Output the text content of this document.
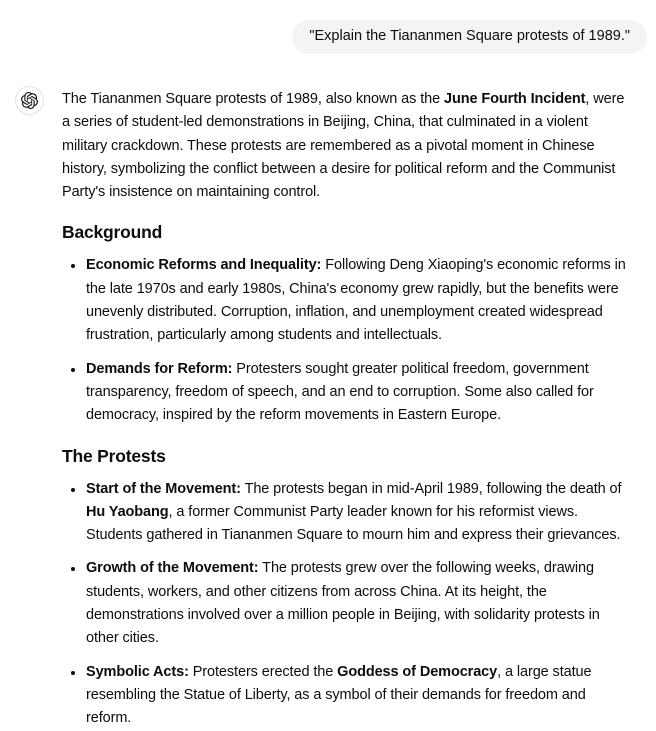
"Explain the Tiananmen Square protests of 1989."

The Tiananmen Square protests of 1989, also known as the June Fourth Incident, were a series of student-led demonstrations in Beijing, China, that culminated in a violent military crackdown. These protests are remembered as a pivotal moment in Chinese history, symbolizing the conflict between a desire for political reform and the Communist Party's insistence on maintaining control.

Background
• Economic Reforms and Inequality: Following Deng Xiaoping's economic reforms in the late 1970s and early 1980s, China's economy grew rapidly, but the benefits were unevenly distributed. Corruption, inflation, and unemployment created widespread frustration, particularly among students and intellectuals.
• Demands for Reform: Protesters sought greater political freedom, government transparency, freedom of speech, and an end to corruption. Some also called for democracy, inspired by the reform movements in Eastern Europe.
The Protests
• Start of the Movement: The protests began in mid-April 1989, following the death of Hu Yaobang, a former Communist Party leader known for his reformist views. Students gathered in Tiananmen Square to mourn him and express their grievances.
• Growth of the Movement: The protests grew over the following weeks, drawing students, workers, and other citizens from across China. At its height, the demonstrations involved over a million people in Beijing, with solidarity protests in other cities.
• Symbolic Acts: Protesters erected the Goddess of Democracy, a large statue resembling the Statue of Liberty, as a symbol of their demands for freedom and reform.
